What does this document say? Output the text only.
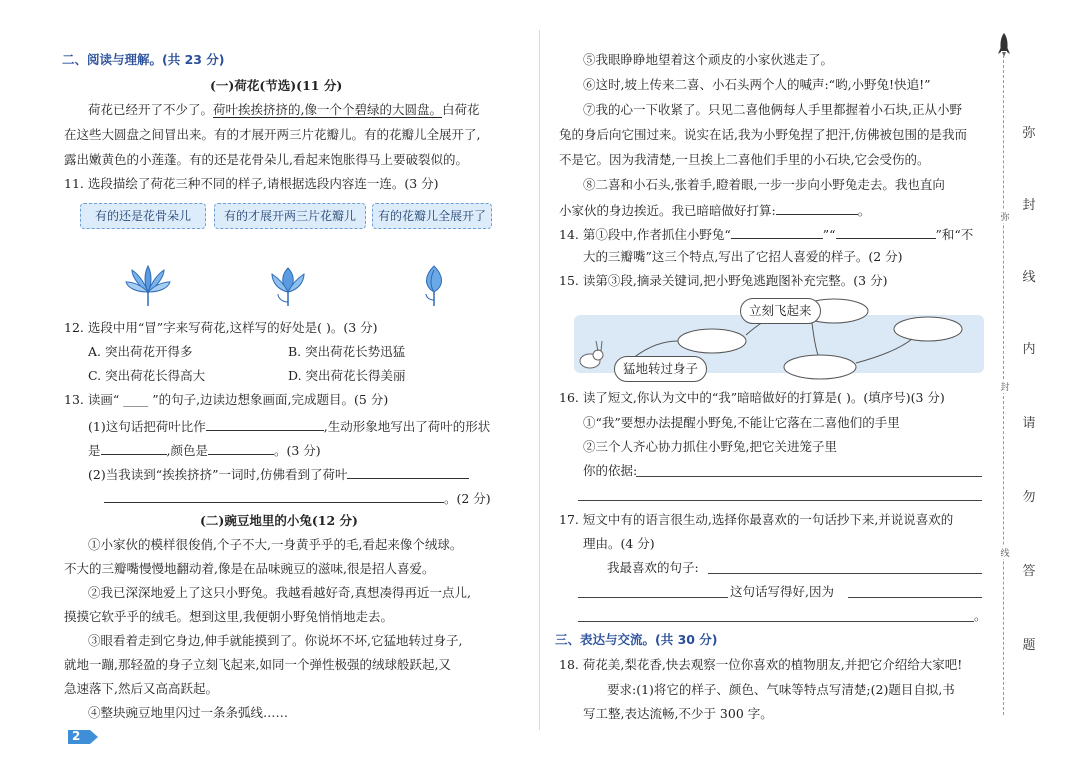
二、阅读与理解。(共 23 分)
(一)荷花(节选)(11 分)
荷花已经开了不少了。荷叶挨挨挤挤的,像一个个碧绿的大圆盘。白荷花
在这些大圆盘之间冒出来。有的才展开两三片花瓣儿。有的花瓣儿全展开了,
露出嫩黄色的小莲蓬。有的还是花骨朵儿,看起来饱胀得马上要破裂似的。
11. 选段描绘了荷花三种不同的样子,请根据选段内容连一连。(3 分)
有的还是花骨朵儿	有的才展开两三片花瓣儿	有的花瓣儿全展开了
12. 选段中用“冒”字来写荷花,这样写的好处是( )。(3 分)
A. 突出荷花开得多	B. 突出荷花长势迅猛
C. 突出荷花长得高大	D. 突出荷花长得美丽
13. 读画“ ____ ”的句子,边读边想象画面,完成题目。(5 分)
(1)这句话把荷叶比作	,生动形象地写出了荷叶的形状
是	,颜色是	。(3 分)
(2)当我读到“挨挨挤挤”一词时,仿佛看到了荷叶
。(2 分)
(二)豌豆地里的小兔(12 分)
①小家伙的模样很俊俏,个子不大,一身黄乎乎的毛,看起来像个绒球。
不大的三瓣嘴慢慢地翻动着,像是在品味豌豆的滋味,很是招人喜爱。
②我已深深地爱上了这只小野兔。我越看越好奇,真想凑得再近一点儿,
摸摸它软乎乎的绒毛。想到这里,我便朝小野兔悄悄地走去。
③眼看着走到它身边,伸手就能摸到了。你说坏不坏,它猛地转过身子,
就地一蹦,那轻盈的身子立刻飞起来,如同一个弹性极强的绒球般跃起,又
急速落下,然后又高高跃起。
④整块豌豆地里闪过一条条弧线……
2
⑤我眼睁睁地望着这个顽皮的小家伙逃走了。
⑥这时,坡上传来二喜、小石头两个人的喊声:“哟,小野兔!快追!”
⑦我的心一下收紧了。只见二喜他俩每人手里都握着小石块,正从小野
兔的身后向它围过来。说实在话,我为小野兔捏了把汗,仿佛被包围的是我而
不是它。因为我清楚,一旦挨上二喜他们手里的小石块,它会受伤的。
⑧二喜和小石头,张着手,瞪着眼,一步一步向小野兔走去。我也直向
小家伙的身边挨近。我已暗暗做好打算:	。
14. 第①段中,作者抓住小野兔“	”“	”和“不
大的三瓣嘴”这三个特点,写出了它招人喜爱的样子。(2 分)
15. 读第③段,摘录关键词,把小野兔逃跑图补充完整。(3 分)
立刻飞起来
猛地转过身子
16. 读了短文,你认为文中的“我”暗暗做好的打算是( )。(填序号)(3 分)
①“我”要想办法提醒小野兔,不能让它落在二喜他们的手里
②三个人齐心协力抓住小野兔,把它关进笼子里
你的依据:
17. 短文中有的语言很生动,选择你最喜欢的一句话抄下来,并说说喜欢的
理由。(4 分)
我最喜欢的句子:
这句话写得好,因为
。
三、表达与交流。(共 30 分)
18. 荷花美,梨花香,快去观察一位你喜欢的植物朋友,并把它介绍给大家吧!
要求:(1)将它的样子、颜色、气味等特点写清楚;(2)题目自拟,书
写工整,表达流畅,不少于 300 字。
弥
封
线
内
请
勿
答
题
弥
封
线
